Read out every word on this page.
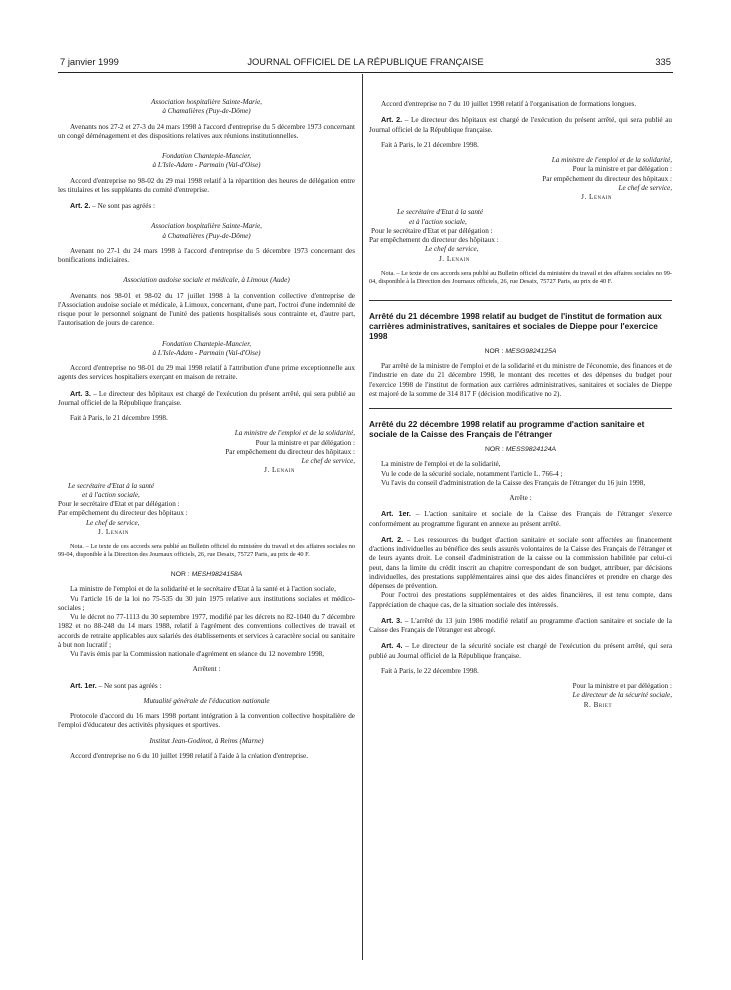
7 janvier 1999	JOURNAL OFFICIEL DE LA RÉPUBLIQUE FRANÇAISE	335

Association hospitalière Sainte-Marie,

à Chamalières (Puy-de-Dôme)

Avenants nos 27-2 et 27-3 du 24 mars 1998 à l'accord d'entreprise du 5 décembre 1973 concernant un congé déménagement et des dispositions relatives aux réunions institutionnelles.

Fondation Chantepie-Mancier,

à L'Isle-Adam - Parmain (Val-d'Oise)

Accord d'entreprise no 98-02 du 29 mai 1998 relatif à la répartition des heures de délégation entre les titulaires et les suppléants du comité d'entreprise.

Art. 2. – Ne sont pas agréés :

Association hospitalière Sainte-Marie,

à Chamalières (Puy-de-Dôme)

Avenant no 27-1 du 24 mars 1998 à l'accord d'entreprise du 5 décembre 1973 concernant des bonifications indiciaires.

Association audoise sociale et médicale, à Limoux (Aude)

Avenants nos 98-01 et 98-02 du 17 juillet 1998 à la convention collective d'entreprise de l'Association audoise sociale et médicale, à Limoux, concernant, d'une part, l'octroi d'une indemnité de risque pour le personnel soignant de l'unité des patients hospitalisés sous contrainte et, d'autre part, l'autorisation de jours de carence.

Fondation Chantepie-Mancier,

à L'Isle-Adam - Parmain (Val-d'Oise)

Accord d'entreprise no 98-01 du 29 mai 1998 relatif à l'attribution d'une prime exceptionnelle aux agents des services hospitaliers exerçant en maison de retraite.

Art. 3. – Le directeur des hôpitaux est chargé de l'exécution du présent arrêté, qui sera publié au Journal officiel de la République française.

Fait à Paris, le 21 décembre 1998.

La ministre de l'emploi et de la solidarité,

Pour la ministre et par délégation :

Par empêchement du directeur des hôpitaux :

Le chef de service,

J. Lenain

Le secrétaire d'Etat à la santé

et à l'action sociale,

Pour le secrétaire d'Etat et par délégation :

Par empêchement du directeur des hôpitaux :

Le chef de service,

J. Lenain

Nota. – Le texte de ces accords sera publié au Bulletin officiel du ministère du travail et des affaires sociales no 99-04, disponible à la Direction des Journaux officiels, 26, rue Desaix, 75727 Paris, au prix de 40 F.

NOR : MESH9824158A

La ministre de l'emploi et de la solidarité et le secrétaire d'Etat à la santé et à l'action sociale,

Vu l'article 16 de la loi no 75-535 du 30 juin 1975 relative aux institutions sociales et médico-sociales ;

Vu le décret no 77-1113 du 30 septembre 1977, modifié par les décrets no 82-1040 du 7 décembre 1982 et no 88-248 du 14 mars 1988, relatif à l'agrément des conventions collectives de travail et accords de retraite applicables aux salariés des établissements et services à caractère social ou sanitaire à but non lucratif ;

Vu l'avis émis par la Commission nationale d'agrément en séance du 12 novembre 1998,

Arrêtent :

Art. 1er. – Ne sont pas agréés :

Mutualité générale de l'éducation nationale

Protocole d'accord du 16 mars 1998 portant intégration à la convention collective hospitalière de l'emploi d'éducateur des activités physiques et sportives.

Institut Jean-Godinot, à Reims (Marne)

Accord d'entreprise no 6 du 10 juillet 1998 relatif à l'aide à la création d'entreprise.

Accord d'entreprise no 7 du 10 juillet 1998 relatif à l'organisation de formations longues.

Art. 2. – Le directeur des hôpitaux est chargé de l'exécution du présent arrêté, qui sera publié au Journal officiel de la République française.

Fait à Paris, le 21 décembre 1998.

La ministre de l'emploi et de la solidarité,

Pour la ministre et par délégation :

Par empêchement du directeur des hôpitaux :

Le chef de service,

J. Lenain

Le secrétaire d'Etat à la santé

et à l'action sociale,

Pour le secrétaire d'Etat et par délégation :

Par empêchement du directeur des hôpitaux :

Le chef de service,

J. Lenain

Nota. – Le texte de ces accords sera publié au Bulletin officiel du ministère du travail et des affaires sociales no 99-04, disponible à la Direction des Journaux officiels, 26, rue Desaix, 75727 Paris, au prix de 40 F.

Arrêté du 21 décembre 1998 relatif au budget de l'institut de formation aux carrières administratives, sanitaires et sociales de Dieppe pour l'exercice 1998

NOR : MESG9824125A

Par arrêté de la ministre de l'emploi et de la solidarité et du ministre de l'économie, des finances et de l'industrie en date du 21 décembre 1998, le montant des recettes et des dépenses du budget pour l'exercice 1998 de l'institut de formation aux carrières administratives, sanitaires et sociales de Dieppe est majoré de la somme de 314 817 F (décision modificative no 2).

Arrêté du 22 décembre 1998 relatif au programme d'action sanitaire et sociale de la Caisse des Français de l'étranger

NOR : MESS9824124A

La ministre de l'emploi et de la solidarité,

Vu le code de la sécurité sociale, notamment l'article L. 766-4 ;

Vu l'avis du conseil d'administration de la Caisse des Français de l'étranger du 16 juin 1998,

Arrête :

Art. 1er. – L'action sanitaire et sociale de la Caisse des Français de l'étranger s'exerce conformément au programme figurant en annexe au présent arrêté.

Art. 2. – Les ressources du budget d'action sanitaire et sociale sont affectées au financement d'actions individuelles au bénéfice des seuls assurés volontaires de la Caisse des Français de l'étranger et de leurs ayants droit. Le conseil d'administration de la caisse ou la commission habilitée par celui-ci peut, dans la limite du crédit inscrit au chapitre correspondant de son budget, attribuer, par décisions individuelles, des prestations supplémentaires ainsi que des aides financières et prendre en charge des dépenses de prévention.

Pour l'octroi des prestations supplémentaires et des aides financières, il est tenu compte, dans l'appréciation de chaque cas, de la situation sociale des intéressés.

Art. 3. – L'arrêté du 13 juin 1986 modifié relatif au programme d'action sanitaire et sociale de la Caisse des Français de l'étranger est abrogé.

Art. 4. – Le directeur de la sécurité sociale est chargé de l'exécution du présent arrêté, qui sera publié au Journal officiel de la République française.

Fait à Paris, le 22 décembre 1998.

Pour la ministre et par délégation :

Le directeur de la sécurité sociale,

R. Briet
